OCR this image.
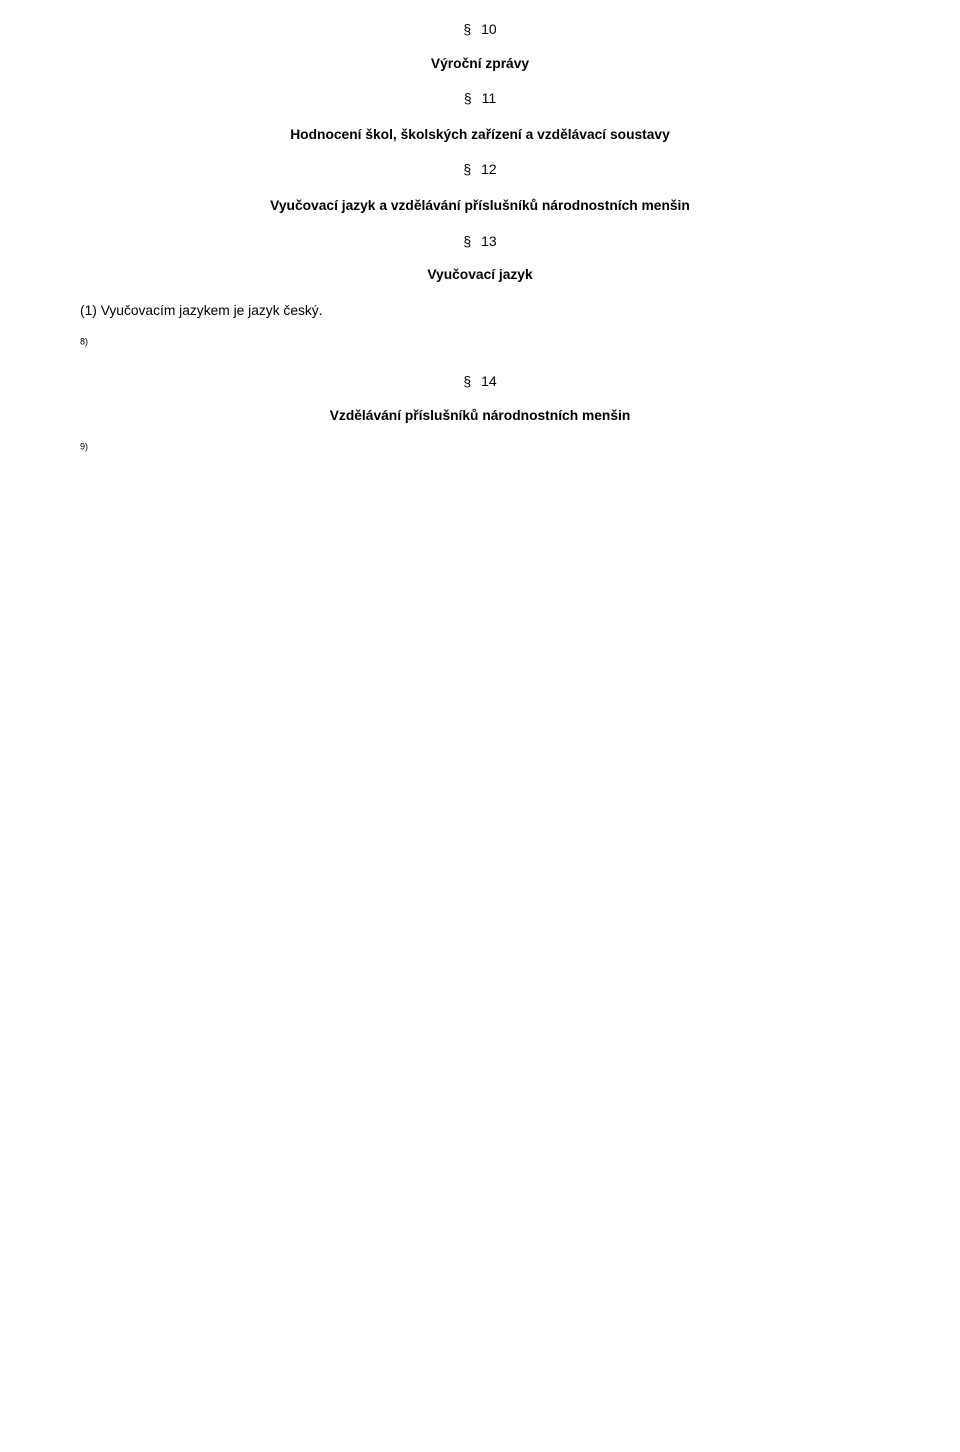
§ 10
Výroční zprávy

§ 11

Hodnocení škol, školských zařízení a vzdělávací soustavy
§ 12

Vyučovací jazyk a vzdělávání příslušníků národnostních menšin
§ 13
Vyučovací jazyk

(1) Vyučovacím jazykem je jazyk český.

$^{8)}$

§ 14
Vzdělávání příslušníků národnostních menšin

$^{9)}$
